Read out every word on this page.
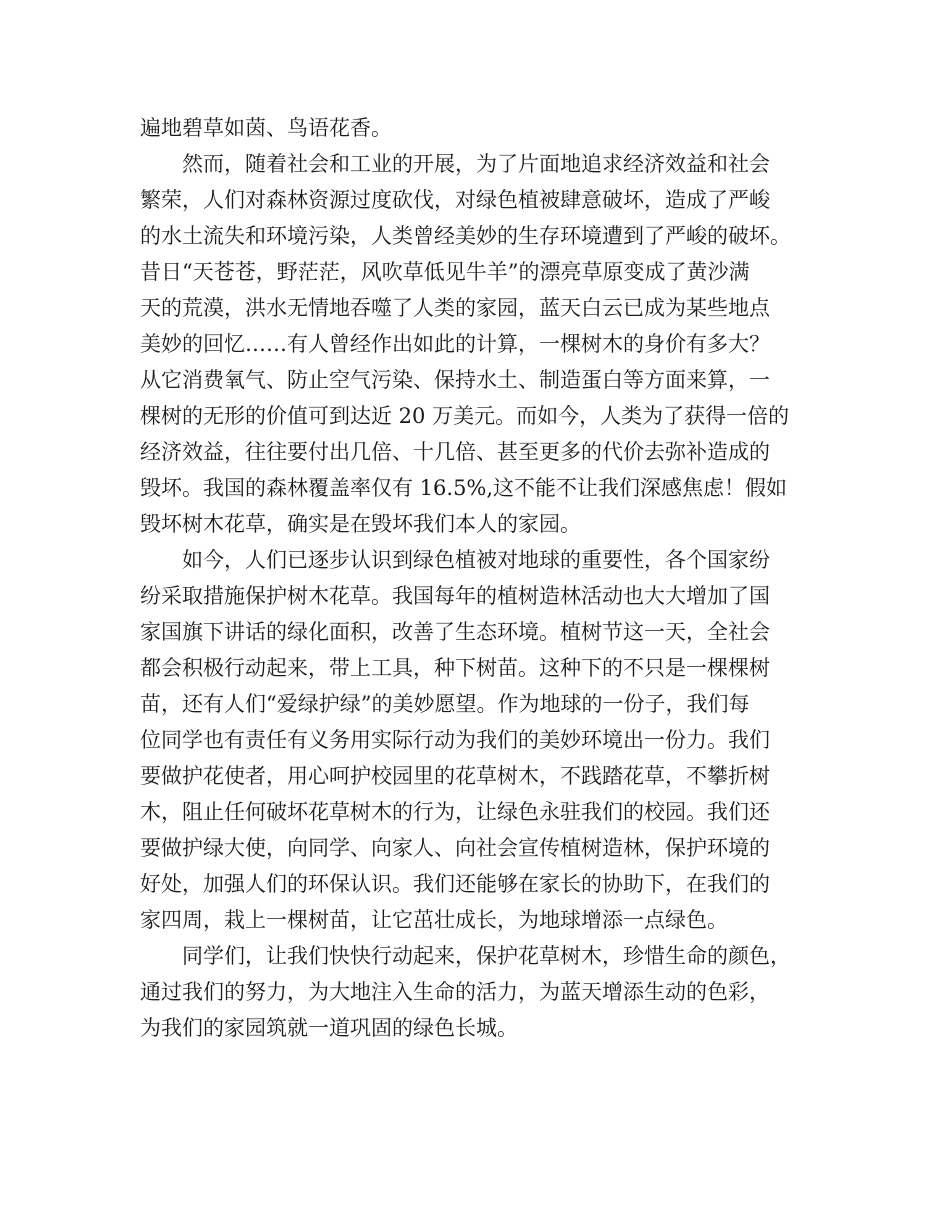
遍地碧草如茵、鸟语花香。
然而，随着社会和工业的开展，为了片面地追求经济效益和社会
繁荣，人们对森林资源过度砍伐，对绿色植被肆意破坏，造成了严峻
的水土流失和环境污染，人类曾经美妙的生存环境遭到了严峻的破坏。
昔日“天苍苍，野茫茫，风吹草低见牛羊”的漂亮草原变成了黄沙满
天的荒漠，洪水无情地吞噬了人类的家园，蓝天白云已成为某些地点
美妙的回忆……有人曾经作出如此的计算，一棵树木的身价有多大？
从它消费氧气、防止空气污染、保持水土、制造蛋白等方面来算，一
棵树的无形的价值可到达近 20 万美元。而如今，人类为了获得一倍的
经济效益，往往要付出几倍、十几倍、甚至更多的代价去弥补造成的
毁坏。我国的森林覆盖率仅有 16.5%,这不能不让我们深感焦虑！假如
毁坏树木花草，确实是在毁坏我们本人的家园。
如今，人们已逐步认识到绿色植被对地球的重要性，各个国家纷
纷采取措施保护树木花草。我国每年的植树造林活动也大大增加了国
家国旗下讲话的绿化面积，改善了生态环境。植树节这一天，全社会
都会积极行动起来，带上工具，种下树苗。这种下的不只是一棵棵树
苗，还有人们“爱绿护绿”的美妙愿望。作为地球的一份子，我们每
位同学也有责任有义务用实际行动为我们的美妙环境出一份力。我们
要做护花使者，用心呵护校园里的花草树木，不践踏花草，不攀折树
木，阻止任何破坏花草树木的行为，让绿色永驻我们的校园。我们还
要做护绿大使，向同学、向家人、向社会宣传植树造林，保护环境的
好处，加强人们的环保认识。我们还能够在家长的协助下，在我们的
家四周，栽上一棵树苗，让它茁壮成长，为地球增添一点绿色。
同学们，让我们快快行动起来，保护花草树木，珍惜生命的颜色，
通过我们的努力，为大地注入生命的活力，为蓝天增添生动的色彩，
为我们的家园筑就一道巩固的绿色长城。
